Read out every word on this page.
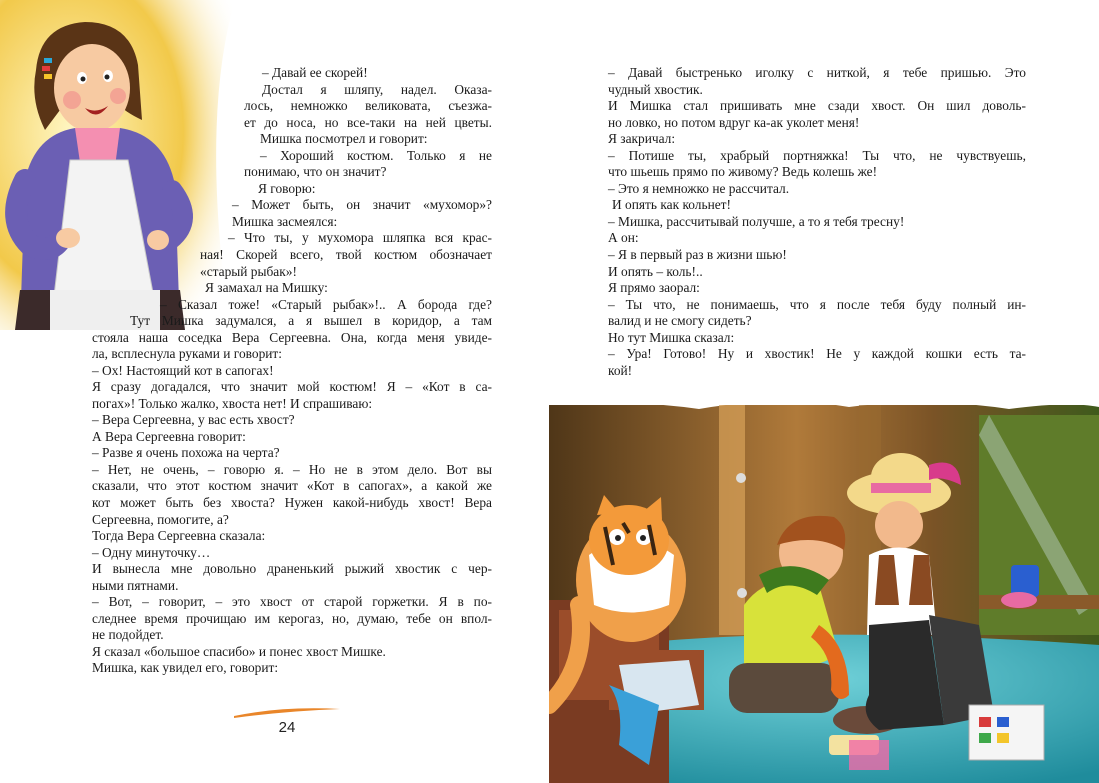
– Давай ее скорей!

Достал я шляпу, надел. Оказа-

лось, немножко великовата, съезжа-

ет до носа, но все-таки на ней цветы.

Мишка посмотрел и говорит:

– Хороший костюм. Только я не

понимаю, что он значит?

Я говорю:

– Может быть, он значит «мухомор»?

Мишка засмеялся:

– Что ты, у мухомора шляпка вся крас-

ная! Скорей всего, твой костюм обозначает

«старый рыбак»!

Я замахал на Мишку:

– Сказал тоже! «Старый рыбак»!.. А борода где?

Тут Мишка задумался, а я вышел в коридор, а там

стояла наша соседка Вера Сергеевна. Она, когда меня увиде-

ла, всплеснула руками и говорит:

– Ох! Настоящий кот в сапогах!

Я сразу догадался, что значит мой костюм! Я – «Кот в са-

погах»! Только жалко, хвоста нет! И спрашиваю:

– Вера Сергеевна, у вас есть хвост?

А Вера Сергеевна говорит:

– Разве я очень похожа на черта?

– Нет, не очень, – говорю я. – Но не в этом дело. Вот вы

сказали, что этот костюм значит «Кот в сапогах», а какой же

кот может быть без хвоста? Нужен какой-нибудь хвост! Вера

Сергеевна, помогите, а?

Тогда Вера Сергеевна сказала:

– Одну минуточку…

И вынесла мне довольно драненький рыжий хвостик с чер-

ными пятнами.

– Вот, – говорит, – это хвост от старой горжетки. Я в по-

следнее время прочищаю им керогаз, но, думаю, тебе он впол-

не подойдет.

Я сказал «большое спасибо» и понес хвост Мишке.

Мишка, как увидел его, говорит:

24

– Давай быстренько иголку с ниткой, я тебе пришью. Это

чудный хвостик.

И Мишка стал пришивать мне сзади хвост. Он шил доволь-

но ловко, но потом вдруг ка-ак уколет меня!

Я закричал:

– Потише ты, храбрый портняжка! Ты что, не чувствуешь,

что шьешь прямо по живому? Ведь колешь же!

– Это я немножко не рассчитал.

И опять как кольнет!

– Мишка, рассчитывай получше, а то я тебя тресну!

А он:

– Я в первый раз в жизни шью!

И опять – коль!..

Я прямо заорал:

– Ты что, не понимаешь, что я после тебя буду полный ин-

валид и не смогу сидеть?

Но тут Мишка сказал:

– Ура! Готово! Ну и хвостик! Не у каждой кошки есть та-

кой!
